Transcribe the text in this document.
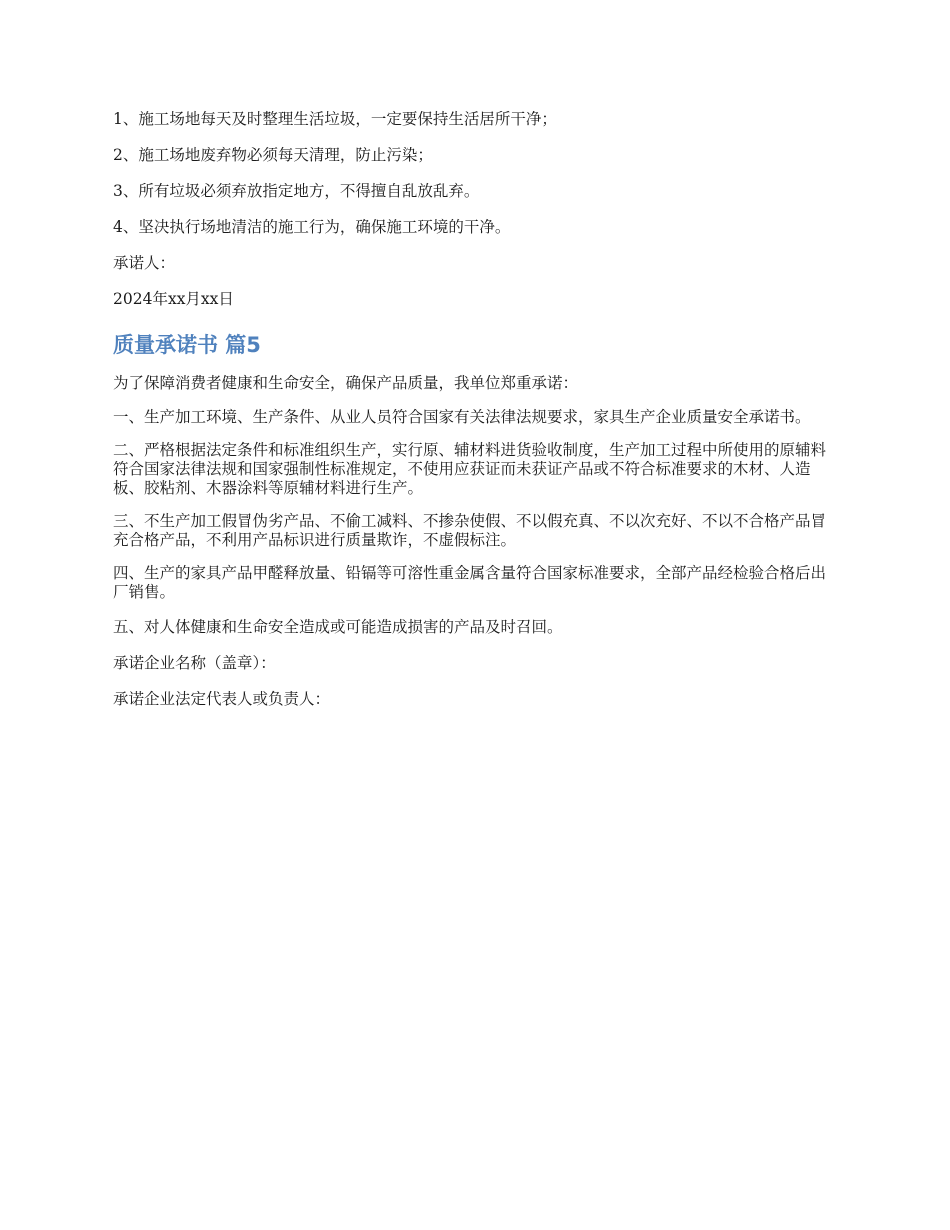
1、施工场地每天及时整理生活垃圾，一定要保持生活居所干净；

2、施工场地废弃物必须每天清理，防止污染；

3、所有垃圾必须弃放指定地方，不得擅自乱放乱弃。

4、坚决执行场地清洁的施工行为，确保施工环境的干净。

承诺人：

2024年xx月xx日

质量承诺书 篇5

为了保障消费者健康和生命安全，确保产品质量，我单位郑重承诺：

一、生产加工环境、生产条件、从业人员符合国家有关法律法规要求，家具生产企业质量安全承诺书。

二、严格根据法定条件和标准组织生产，实行原、辅材料进货验收制度，生产加工过程中所使用的原辅料符合国家法律法规和国家强制性标准规定，不使用应获证而未获证产品或不符合标准要求的木材、人造板、胶粘剂、木器涂料等原辅材料进行生产。

三、不生产加工假冒伪劣产品、不偷工减料、不掺杂使假、不以假充真、不以次充好、不以不合格产品冒充合格产品，不利用产品标识进行质量欺诈，不虚假标注。

四、生产的家具产品甲醛释放量、铅镉等可溶性重金属含量符合国家标准要求，全部产品经检验合格后出厂销售。

五、对人体健康和生命安全造成或可能造成损害的产品及时召回。

承诺企业名称（盖章）：

承诺企业法定代表人或负责人：
